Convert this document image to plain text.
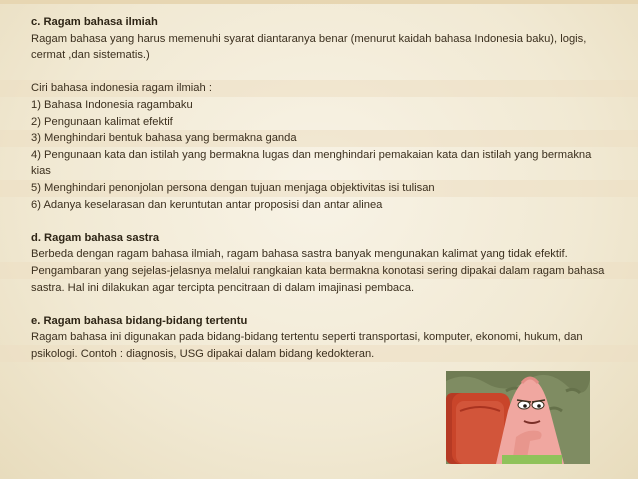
c. Ragam bahasa ilmiah

Ragam bahasa yang harus memenuhi syarat diantaranya benar (menurut kaidah bahasa Indonesia baku), logis, cermat ,dan sistematis.)

Ciri bahasa indonesia ragam ilmiah :
1) Bahasa Indonesia ragambaku
2) Pengunaan kalimat efektif
3) Menghindari bentuk bahasa yang bermakna ganda
4) Pengunaan kata dan istilah yang bermakna lugas dan menghindari pemakaian kata dan istilah yang bermakna kias
5) Menghindari penonjolan persona dengan tujuan menjaga objektivitas isi tulisan
6) Adanya keselarasan dan keruntutan antar proposisi dan antar alinea
d. Ragam bahasa sastra

Berbeda dengan ragam bahasa ilmiah, ragam bahasa sastra banyak mengunakan kalimat yang tidak efektif. Pengambaran yang sejelas-jelasnya melalui rangkaian kata bermakna konotasi sering dipakai dalam ragam bahasa sastra. Hal ini dilakukan agar tercipta pencitraan di dalam imajinasi pembaca.

e. Ragam bahasa bidang-bidang tertentu

Ragam bahasa ini digunakan pada bidang-bidang tertentu seperti transportasi, komputer, ekonomi, hukum, dan psikologi. Contoh : diagnosis, USG dipakai dalam bidang kedokteran.
